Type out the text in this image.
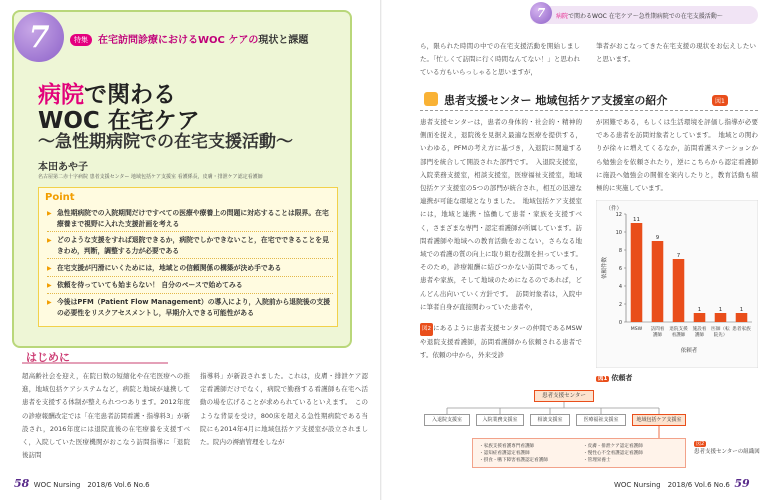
7	特集	在宅訪問診療におけるWOC ケアの現状と課題
病院で関わる
WOC 在宅ケア
～急性期病院での在宅支援活動～
本田あや子
名古屋第二赤十字病院 患者支援センター 地域包括ケア支援室 看護係長，皮膚・排泄ケア認定看護師
Point
▶ 急性期病院での入院期間だけですべての医療や療養上の問題に対応することは限界。在宅療養まで視野に入れた支援計画を考える
▶ どのような支援をすれば退院できるか，病院でしかできないこと，在宅でできることを見きわめ，判断，調整する力が必要である
▶ 在宅支援が円滑にいくためには，地域との信頼関係の構築が決め手である
▶ 依頼を待っていても始まらない！ 自分のペースで始めてみる
▶ 今後はPFM（Patient Flow Management）の導入により，入院前から退院後の支援の必要性をリスクアセスメントし，早期介入できる可能性がある
はじめに
超高齢社会を迎え，在院日数の短縮化や在宅医療への推進，地域包括ケアシステムなど，病院と地域が連携して患者を支援する体制が整えられつつあります。2012年度の診療報酬改定では「在宅患者訪問看護・指導料3」が新設され，2016年度には退院直後の在宅療養を支援すべく，入院していた医療機関がおこなう訪問指導に「退院後訪問
指導料」が新設されました。これは，皮膚・排泄ケア認定看護師だけでなく，病院で勤務する看護師も在宅へ活動の場を広げることが求められているといえます。　このような背景を受け，800床を超える急性期病院である当院にも2014年4月に地域包括ケア支援室が設立されました。院内の褥瘡管理をしなが
58 WOC Nursing　2018/6 Vol.6 No.6
7	病院で関わるWOC 在宅ケア～急性期病院での在宅支援活動～
ら，限られた時間の中での在宅支援活動を開始しました。「忙しくて訪問に行く時間なんてない！」と思われている方もいらっしゃると思いますが，
筆者がおこなってきた在宅支援の現状をお伝えしたいと思います。
患者支援センター 地域包括ケア支援室の紹介	図1
患者支援センターは，患者の身体的・社会的・精神的側面を捉え，退院後を見据え最適な医療を提供する，いわゆる，PFMの考え方に基づき，入退院に関連する部門を統合して開設された部門です。　入退院支援室，入院業務支援室，相談支援室，医療福祉支援室，地域包括ケア支援室の5つの部門が統合され，相互の迅速な連携が可能な環境となりました。　地域包括ケア支援室には，地域と連携・協働して患者・家族を支援すべく，さまざまな専門・認定看護師が所属しています。訪問看護師や地域への教育活動をおこない，さらなる地域での看護の質の向上に取り組む役割を担っています。そのため，診療報酬に結びつかない訪問であっても，患者や家族，そして地域のためになるのであれば，どんどん出向いていく方針です。　訪問対象者は，入院中に筆者自身が直接関わっていた患者や，
図2 にあるように患者支援センターの仲間であるMSWや退院支援看護師，訪問看護師から依頼される患者です。依頼の中から，外来受診
が困難である，もしくは生活環境を評価し指導が必要である患者を訪問対象者としています。　地域との関わりが徐々に増えてくるなか，訪問看護ステーションから勉強会を依頼されたり，逆にこちらから認定看護師に施設へ勉強会の開催を案内したりと，教育活動も積極的に実施しています。
（件）
0
2
4
6
8
10
12
依頼件数
11
MSW
9
訪問看
護師
7
退院支援
看護師
1
施設看
護師
1
医師（転
院先）
1
患者家族
依頼者
図1 依頼者
患者支援センター
入退院支援室	入院業務支援室	相談支援室	医療福祉支援室	地域包括ケア支援室
・家族支援看護専門看護師
・認知症看護認定看護師
・摂食・嚥下障害看護認定看護師
・皮膚・排泄ケア認定看護師
・慢性心不全看護認定看護師
・管理栄養士
図2
患者支援センターの組織図
WOC Nursing　2018/6 Vol.6 No.6 59
